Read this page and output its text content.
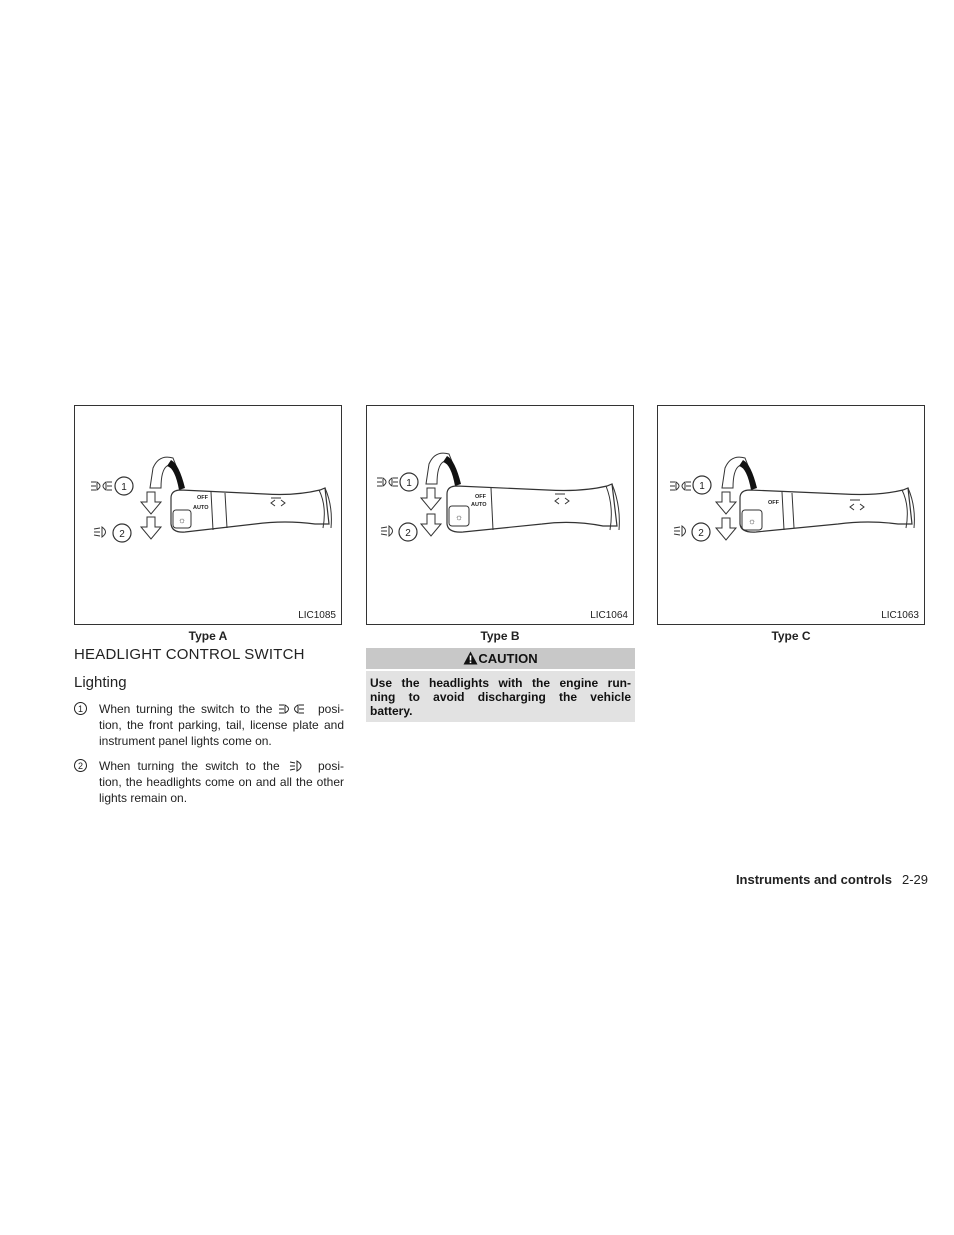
1
2
☼
OFF
AUTO
LIC1085
Type A
1
2
☼
OFF
AUTO
LIC1064
Type B
1
2
☼
OFF
LIC1063
Type C
HEADLIGHT CONTROL SWITCH
Lighting
1	When turning the switch to the	posi-
tion, the front parking, tail, license plate and
instrument panel lights come on.
2	When turning the switch to the	posi-
tion, the headlights come on and all the other
lights remain on.
CAUTION
Use the headlights with the engine run-
ning to avoid discharging the vehicle
battery.
Instruments and controls 2-29
